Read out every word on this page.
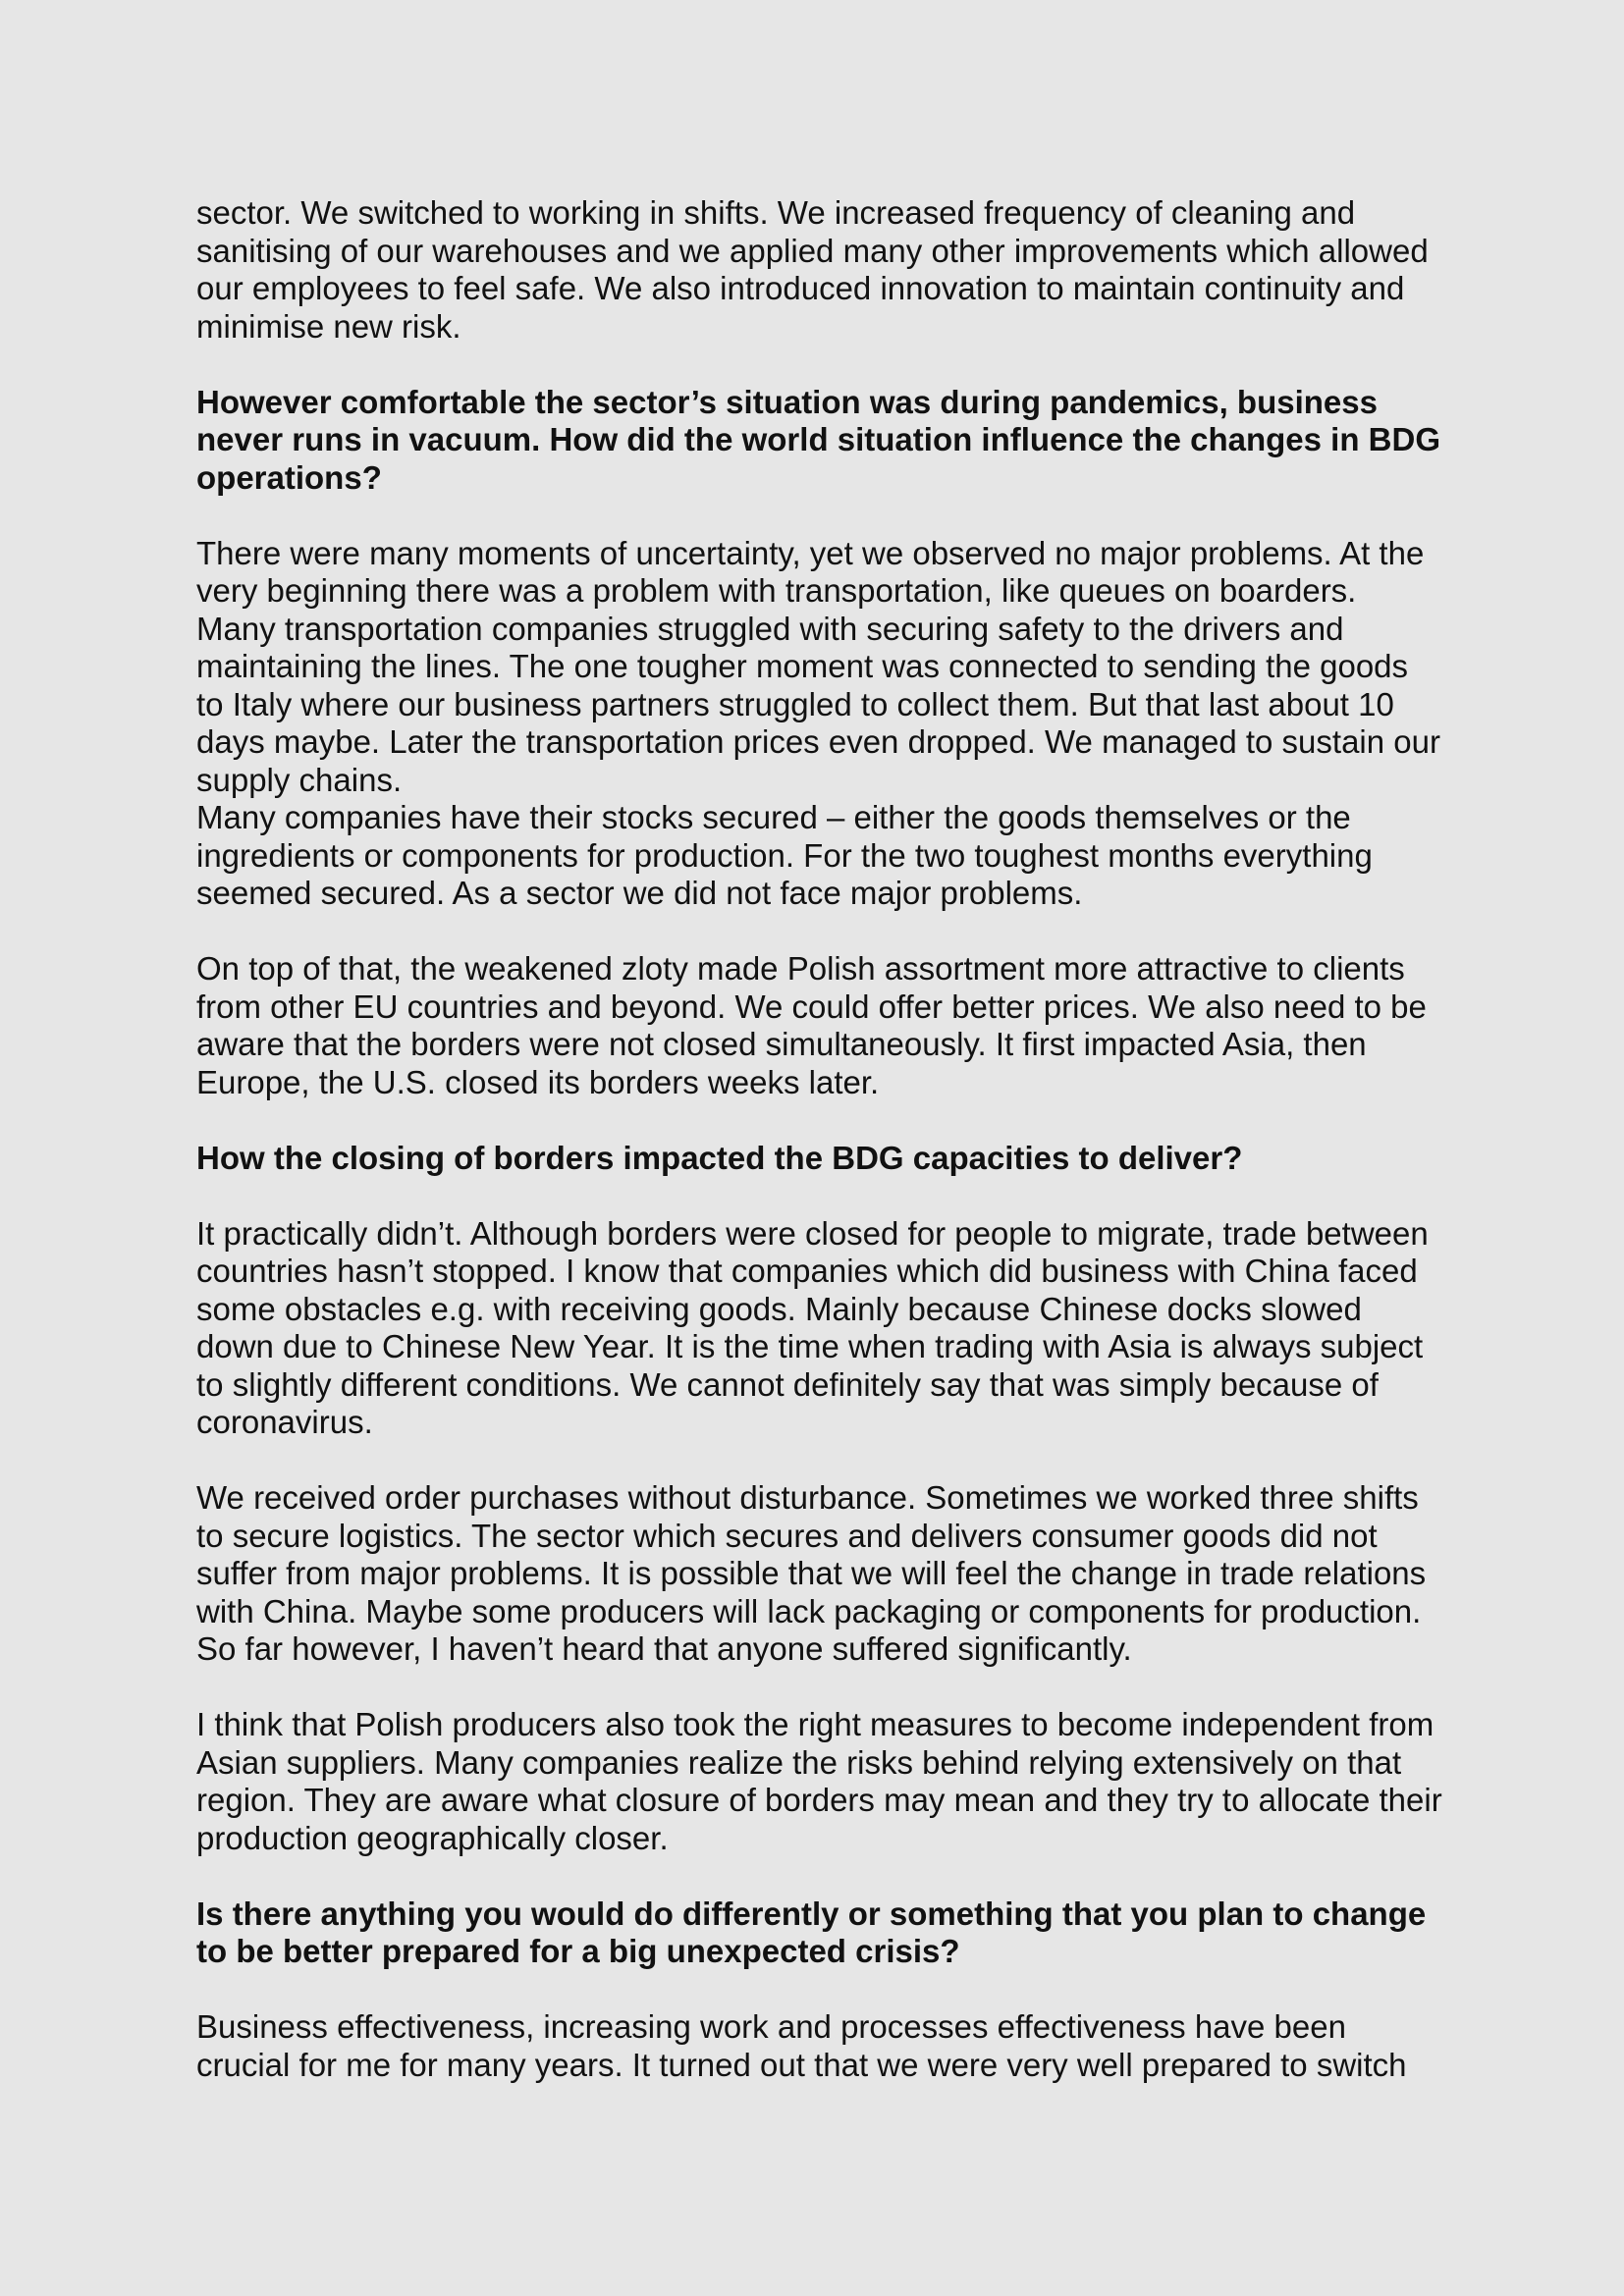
sector. We switched to working in shifts. We increased frequency of cleaning and sanitising of our warehouses and we applied many other improvements which allowed our employees to feel safe. We also introduced innovation to maintain continuity and minimise new risk.

However comfortable the sector’s situation was during pandemics, business never runs in vacuum. How did the world situation influence the changes in BDG operations?

There were many moments of uncertainty, yet we observed no major problems. At the very beginning there was a problem with transportation, like queues on boarders. Many transportation companies struggled with securing safety to the drivers and maintaining the lines. The one tougher moment was connected to sending the goods to Italy where our business partners struggled to collect them. But that last about 10 days maybe. Later the transportation prices even dropped. We managed to sustain our supply chains.

Many companies have their stocks secured – either the goods themselves or the ingredients or components for production. For the two toughest months everything seemed secured. As a sector we did not face major problems.

On top of that, the weakened zloty made Polish assortment more attractive to clients from other EU countries and beyond. We could offer better prices. We also need to be aware that the borders were not closed simultaneously. It first impacted Asia, then Europe, the U.S. closed its borders weeks later.

How the closing of borders impacted the BDG capacities to deliver?

It practically didn’t. Although borders were closed for people to migrate, trade between countries hasn’t stopped. I know that companies which did business with China faced some obstacles e.g. with receiving goods. Mainly because Chinese docks slowed down due to Chinese New Year. It is the time when trading with Asia is always subject to slightly different conditions. We cannot definitely say that was simply because of coronavirus.

We received order purchases without disturbance. Sometimes we worked three shifts to secure logistics. The sector which secures and delivers consumer goods did not suffer from major problems. It is possible that we will feel the change in trade relations with China. Maybe some producers will lack packaging or components for production. So far however, I haven’t heard that anyone suffered significantly.

I think that Polish producers also took the right measures to become independent from Asian suppliers. Many companies realize the risks behind relying extensively on that region. They are aware what closure of borders may mean and they try to allocate their production geographically closer.

Is there anything you would do differently or something that you plan to change to be better prepared for a big unexpected crisis?

Business effectiveness, increasing work and processes effectiveness have been crucial for me for many years. It turned out that we were very well prepared to switch
